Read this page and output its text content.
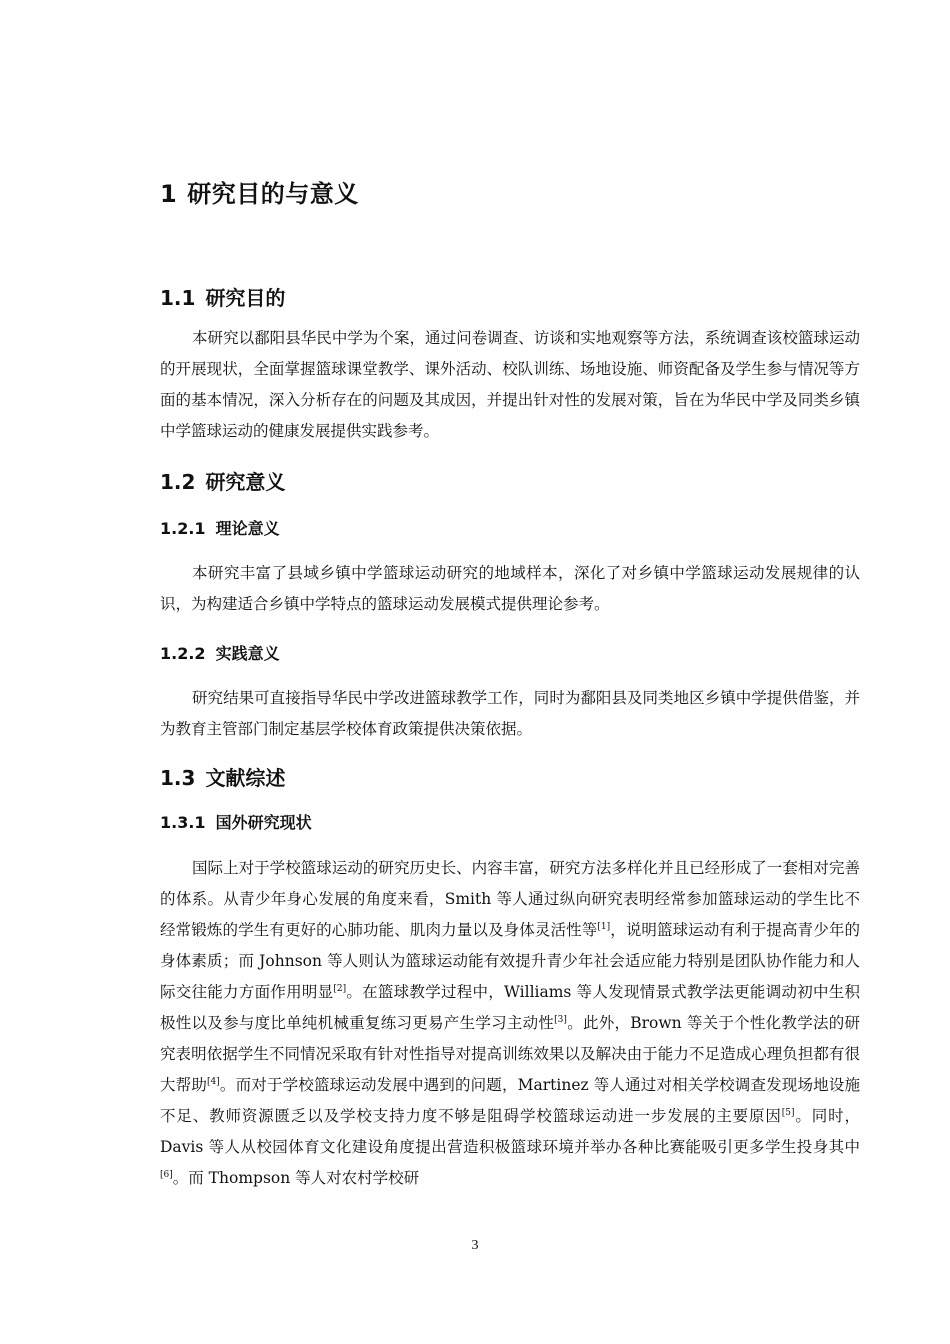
1 研究目的与意义
1.1 研究目的

本研究以鄱阳县华民中学为个案，通过问卷调查、访谈和实地观察等方法，系统调查该校篮球运动的开展现状，全面掌握篮球课堂教学、课外活动、校队训练、场地设施、师资配备及学生参与情况等方面的基本情况，深入分析存在的问题及其成因，并提出针对性的发展对策，旨在为华民中学及同类乡镇中学篮球运动的健康发展提供实践参考。

1.2 研究意义
1.2.1 理论意义

本研究丰富了县域乡镇中学篮球运动研究的地域样本，深化了对乡镇中学篮球运动发展规律的认识，为构建适合乡镇中学特点的篮球运动发展模式提供理论参考。

1.2.2 实践意义

研究结果可直接指导华民中学改进篮球教学工作，同时为鄱阳县及同类地区乡镇中学提供借鉴，并为教育主管部门制定基层学校体育政策提供决策依据。

1.3 文献综述
1.3.1 国外研究现状

国际上对于学校篮球运动的研究历史长、内容丰富，研究方法多样化并且已经形成了一套相对完善的体系。从青少年身心发展的角度来看，Smith 等人通过纵向研究表明经常参加篮球运动的学生比不经常锻炼的学生有更好的心肺功能、肌肉力量以及身体灵活性等[1]，说明篮球运动有利于提高青少年的身体素质；而 Johnson 等人则认为篮球运动能有效提升青少年社会适应能力特别是团队协作能力和人际交往能力方面作用明显[2]。在篮球教学过程中，Williams 等人发现情景式教学法更能调动初中生积极性以及参与度比单纯机械重复练习更易产生学习主动性[3]。此外，Brown 等关于个性化教学法的研究表明依据学生不同情况采取有针对性指导对提高训练效果以及解决由于能力不足造成心理负担都有很大帮助[4]。而对于学校篮球运动发展中遇到的问题，Martinez 等人通过对相关学校调查发现场地设施不足、教师资源匮乏以及学校支持力度不够是阻碍学校篮球运动进一步发展的主要原因[5]。同时，Davis 等人从校园体育文化建设角度提出营造积极篮球环境并举办各种比赛能吸引更多学生投身其中[6]。而 Thompson 等人对农村学校研

3
